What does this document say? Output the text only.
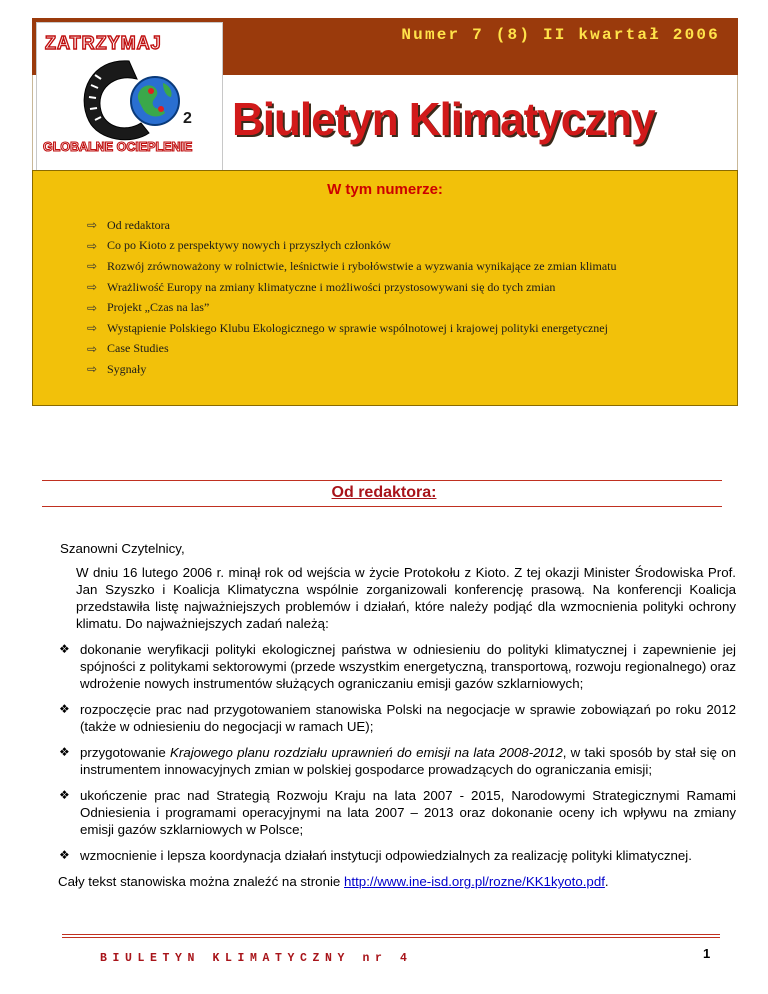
Numer 7 (8) II kwartał 2006
ZATRZYMAJ
2
GLOBALNE OCIEPLENIE
Biuletyn Klimatyczny
W tym numerze:
⇨ Od redaktora
⇨ Co po Kioto z perspektywy nowych i przyszłych członków
⇨ Rozwój zrównoważony w rolnictwie, leśnictwie i rybołówstwie a wyzwania wynikające ze zmian klimatu
⇨ Wrażliwość Europy na zmiany klimatyczne i możliwości przystosowywani się do tych zmian
⇨ Projekt „Czas na las”
⇨ Wystąpienie Polskiego Klubu Ekologicznego w sprawie wspólnotowej i krajowej polityki energetycznej
⇨ Case Studies
⇨ Sygnały
Od redaktora:

Szanowni Czytelnicy,

W dniu 16 lutego 2006 r. minął rok od wejścia w życie Protokołu z Kioto. Z tej okazji Minister Środowiska Prof. Jan Szyszko i Koalicja Klimatyczna wspólnie zorganizowali konferencję prasową. Na konferencji Koalicja przedstawiła listę najważniejszych problemów i działań, które należy podjąć dla wzmocnienia polityki ochrony klimatu. Do najważniejszych zadań należą:

❖ dokonanie weryfikacji polityki ekologicznej państwa w odniesieniu do polityki klimatycznej i zapewnienie jej spójności z politykami sektorowymi (przede wszystkim energetyczną, transportową, rozwoju regionalnego) oraz wdrożenie nowych instrumentów służących ograniczaniu emisji gazów szklarniowych;
❖ rozpoczęcie prac nad przygotowaniem stanowiska Polski na negocjacje w sprawie zobowiązań po roku 2012 (także w odniesieniu do negocjacji w ramach UE);
❖ przygotowanie Krajowego planu rozdziału uprawnień do emisji na lata 2008-2012, w taki sposób by stał się on instrumentem innowacyjnych zmian w polskiej gospodarce prowadzących do ograniczania emisji;
❖ ukończenie prac nad Strategią Rozwoju Kraju na lata 2007 - 2015, Narodowymi Strategicznymi Ramami Odniesienia i programami operacyjnymi na lata 2007 – 2013 oraz dokonanie oceny ich wpływu na zmiany emisji gazów szklarniowych w Polsce;
❖ wzmocnienie i lepsza koordynacja działań instytucji odpowiedzialnych za realizację polityki klimatycznej.

Cały tekst stanowiska można znaleźć na stronie http://www.ine-isd.org.pl/rozne/KK1kyoto.pdf.

BIULETYN KLIMATYCZNY nr 4	1
